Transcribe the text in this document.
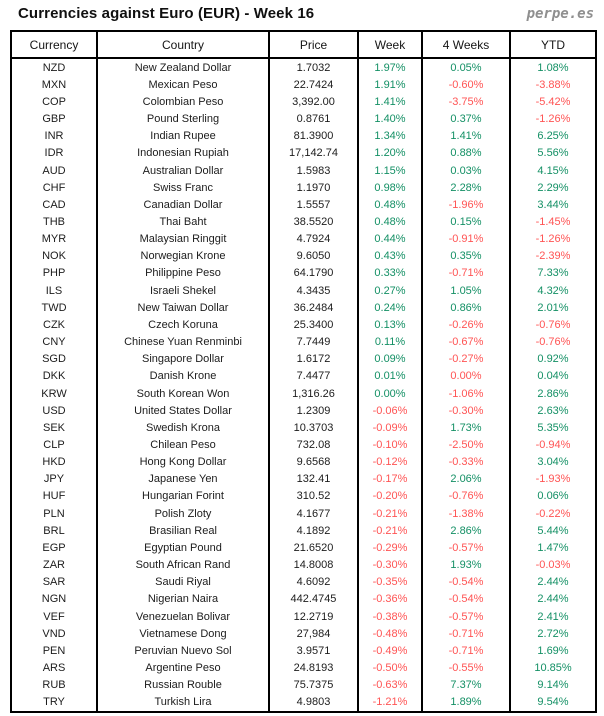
Currencies against Euro (EUR) - Week 16	perpe.es
Currency	Country	Price	Week	4 Weeks	YTD
NZD	New Zealand Dollar	1.7032	1.97%	0.05%	1.08%
MXN	Mexican Peso	22.7424	1.91%	-0.60%	-3.88%
COP	Colombian Peso	3,392.00	1.41%	-3.75%	-5.42%
GBP	Pound Sterling	0.8761	1.40%	0.37%	-1.26%
INR	Indian Rupee	81.3900	1.34%	1.41%	6.25%
IDR	Indonesian Rupiah	17,142.74	1.20%	0.88%	5.56%
AUD	Australian Dollar	1.5983	1.15%	0.03%	4.15%
CHF	Swiss Franc	1.1970	0.98%	2.28%	2.29%
CAD	Canadian Dollar	1.5557	0.48%	-1.96%	3.44%
THB	Thai Baht	38.5520	0.48%	0.15%	-1.45%
MYR	Malaysian Ringgit	4.7924	0.44%	-0.91%	-1.26%
NOK	Norwegian Krone	9.6050	0.43%	0.35%	-2.39%
PHP	Philippine Peso	64.1790	0.33%	-0.71%	7.33%
ILS	Israeli Shekel	4.3435	0.27%	1.05%	4.32%
TWD	New Taiwan Dollar	36.2484	0.24%	0.86%	2.01%
CZK	Czech Koruna	25.3400	0.13%	-0.26%	-0.76%
CNY	Chinese Yuan Renminbi	7.7449	0.11%	-0.67%	-0.76%
SGD	Singapore Dollar	1.6172	0.09%	-0.27%	0.92%
DKK	Danish Krone	7.4477	0.01%	0.00%	0.04%
KRW	South Korean Won	1,316.26	0.00%	-1.06%	2.86%
USD	United States Dollar	1.2309	-0.06%	-0.30%	2.63%
SEK	Swedish Krona	10.3703	-0.09%	1.73%	5.35%
CLP	Chilean Peso	732.08	-0.10%	-2.50%	-0.94%
HKD	Hong Kong Dollar	9.6568	-0.12%	-0.33%	3.04%
JPY	Japanese Yen	132.41	-0.17%	2.06%	-1.93%
HUF	Hungarian Forint	310.52	-0.20%	-0.76%	0.06%
PLN	Polish Zloty	4.1677	-0.21%	-1.38%	-0.22%
BRL	Brasilian Real	4.1892	-0.21%	2.86%	5.44%
EGP	Egyptian Pound	21.6520	-0.29%	-0.57%	1.47%
ZAR	South African Rand	14.8008	-0.30%	1.93%	-0.03%
SAR	Saudi Riyal	4.6092	-0.35%	-0.54%	2.44%
NGN	Nigerian Naira	442.4745	-0.36%	-0.54%	2.44%
VEF	Venezuelan Bolivar	12.2719	-0.38%	-0.57%	2.41%
VND	Vietnamese Dong	27,984	-0.48%	-0.71%	2.72%
PEN	Peruvian Nuevo Sol	3.9571	-0.49%	-0.71%	1.69%
ARS	Argentine Peso	24.8193	-0.50%	-0.55%	10.85%
RUB	Russian Rouble	75.7375	-0.63%	7.37%	9.14%
TRY	Turkish Lira	4.9803	-1.21%	1.89%	9.54%
